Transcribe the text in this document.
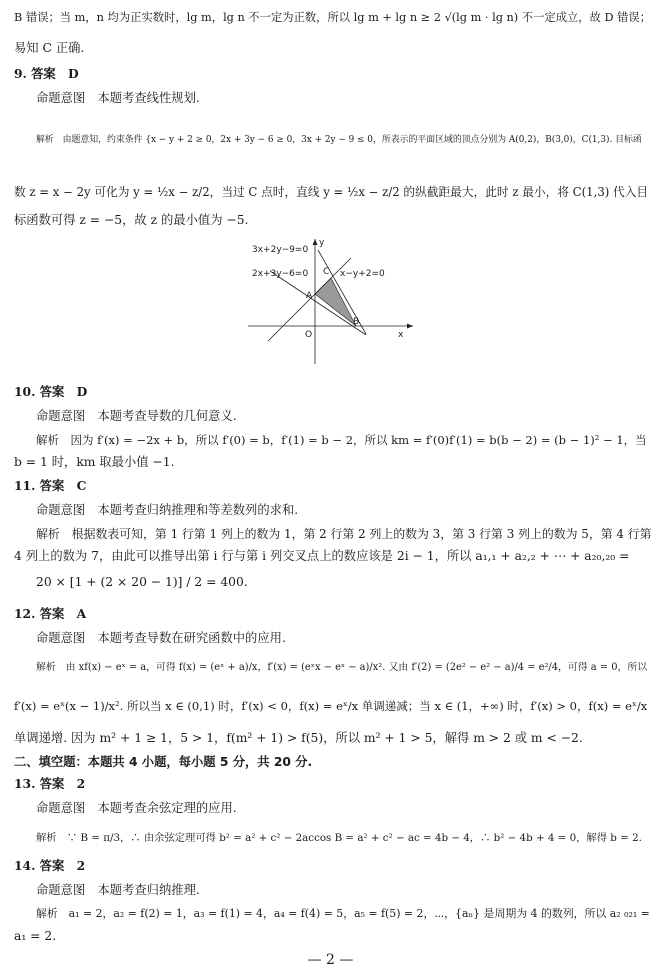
B 错误；当 m，n 均为正实数时，lg m，lg n 不一定为正数，所以 lg m + lg n ≥ 2 √(lg m · lg n) 不一定成立，故 D 错误；
易知 C 正确.
9. 答案　D
命题意图　本题考查线性规划.
解析　由题意知，约束条件 {x − y + 2 ≥ 0，2x + 3y − 6 ≥ 0，3x + 2y − 9 ≤ 0，所表示的平面区域的顶点分别为 A(0,2)，B(3,0)，C(1,3). 目标函
数 z = x − 2y 可化为 y = ½x − z/2，当过 C 点时，直线 y = ½x − z/2 的纵截距最大，此时 z 最小，将 C(1,3) 代入目
标函数可得 z = −5，故 z 的最小值为 −5.
3x+2y−9=0
2x+3y−6=0	x−y+2=0
A
B
C
O	x
y
10. 答案　D
命题意图　本题考查导数的几何意义.
解析　因为 f′(x) = −2x + b，所以 f′(0) = b，f′(1) = b − 2，所以 km = f′(0)f′(1) = b(b − 2) = (b − 1)² − 1，当
b = 1 时，km 取最小值 −1.
11. 答案　C
命题意图　本题考查归纳推理和等差数列的求和.
解析　根据数表可知，第 1 行第 1 列上的数为 1，第 2 行第 2 列上的数为 3，第 3 行第 3 列上的数为 5，第 4 行第
4 列上的数为 7，由此可以推导出第 i 行与第 i 列交叉点上的数应该是 2i − 1，所以 a₁,₁ + a₂,₂ + ⋯ + a₂₀,₂₀ =
20 × [1 + (2 × 20 − 1)] / 2 = 400.
12. 答案　A
命题意图　本题考查导数在研究函数中的应用.
解析　由 xf(x) − eˣ = a，可得 f(x) = (eˣ + a)/x，f′(x) = (eˣx − eˣ − a)/x². 又由 f′(2) = (2e² − e² − a)/4 = e²/4，可得 a = 0，所以
f′(x) = eˣ(x − 1)/x². 所以当 x ∈ (0,1) 时，f′(x) < 0，f(x) = eˣ/x 单调递减；当 x ∈ (1，+∞) 时，f′(x) > 0，f(x) = eˣ/x
单调递增. 因为 m² + 1 ≥ 1，5 > 1，f(m² + 1) > f(5)，所以 m² + 1 > 5，解得 m > 2 或 m < −2.
二、填空题：本题共 4 小题，每小题 5 分，共 20 分.
13. 答案　2
命题意图　本题考查余弦定理的应用.
解析　∵ B = π/3，∴ 由余弦定理可得 b² = a² + c² − 2accos B = a² + c² − ac = 4b − 4，∴ b² − 4b + 4 = 0，解得 b = 2.
14. 答案　2
命题意图　本题考查归纳推理.
解析　a₁ = 2，a₂ = f(2) = 1，a₃ = f(1) = 4，a₄ = f(4) = 5，a₅ = f(5) = 2，⋯，{aₙ} 是周期为 4 的数列，所以 a₂ ₀₂₁ =
a₁ = 2.
— 2 —
